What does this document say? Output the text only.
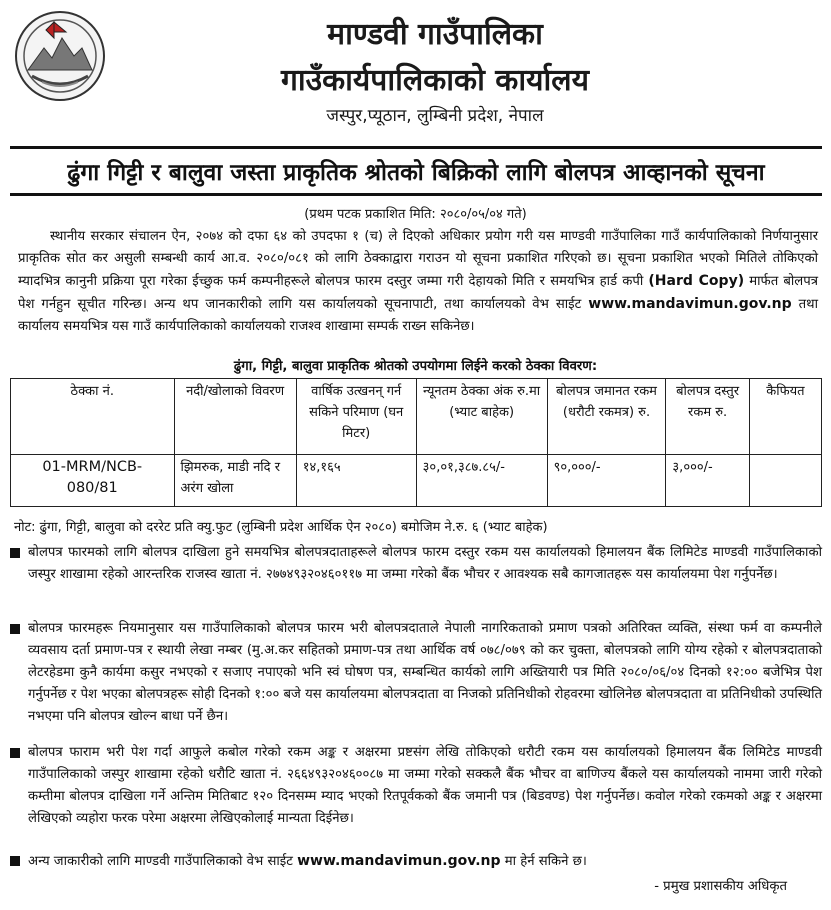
माण्डवी गाउँपालिका
गाउँकार्यपालिकाको कार्यालय
जस्पुर,प्यूठान, लुम्बिनी प्रदेश, नेपाल
ढुंगा गिट्टी र बालुवा जस्ता प्राकृतिक श्रोतको बिक्रिको लागि बोलपत्र आव्हानको सूचना
(प्रथम पटक प्रकाशित मिति: २०८०/०५/०४ गते)
स्थानीय सरकार संचालन ऐन, २०७४ को दफा ६४ को उपदफा १ (च) ले दिएको अधिकार प्रयोग गरी यस माण्डवी गाउँपालिका गाउँ कार्यपालिकाको निर्णयानुसार प्राकृतिक सोत कर असुली सम्बन्धी कार्य आ.व. २०८०/०८१ को लागि ठेक्काद्वारा गराउन यो सूचना प्रकाशित गरिएको छ। सूचना प्रकाशित भएको मितिले तोकिएको म्यादभित्र कानुनी प्रक्रिया पूरा गरेका ईच्छुक फर्म कम्पनीहरूले बोलपत्र फारम दस्तुर जम्मा गरी देहायको मिति र समयभित्र हार्ड कपी (Hard Copy) मार्फत बोलपत्र पेश गर्नहुन सूचीत गरिन्छ। अन्य थप जानकारीको लागि यस कार्यालयको सूचनापाटी, तथा कार्यालयको वेभ साईट www.mandavimun.gov.np तथा कार्यालय समयभित्र यस गाउँ कार्यपालिकाको कार्यालयको राजश्व शाखामा सम्पर्क राख्न सकिनेछ।
ढुंगा, गिट्टी, बालुवा प्राकृतिक श्रोतको उपयोगमा लिईने करको ठेक्का विवरण:
ठेक्का नं.	नदी/खोलाको विवरण	वार्षिक उत्खनन् गर्न सकिने परिमाण (घन मिटर)	न्यूनतम ठेक्का अंक रु.मा (भ्याट बाहेक)	बोलपत्र जमानत रकम (धरौटी रकमत्र) रु.	बोलपत्र दस्तुर रकम रु.	कैफियत
01-MRM/NCB-080/81	झिमरुक, माडी नदि र अरंग खोला	१४,१६५	३०,०१,३८७.८५/-	९०,०००/-	३,०००/-	
नोट: ढुंगा, गिट्टी, बालुवा को दररेट प्रति क्यु.फुट (लुम्बिनी प्रदेश आर्थिक ऐन २०८०) बमोजिम ने.रु. ६ (भ्याट बाहेक)
बोलपत्र फारमको लागि बोलपत्र दाखिला हुने समयभित्र बोलपत्रदाताहरूले बोलपत्र फारम दस्तुर रकम यस कार्यालयको हिमालयन बैंक लिमिटेड माण्डवी गाउँपालिकाको जस्पुर शाखामा रहेको आरन्तरिक राजस्व खाता नं. २७७४९३२०४६०११७ मा जम्मा गरेको बैंक भौचर र आवश्यक सबै कागजातहरू यस कार्यालयमा पेश गर्नुपर्नेछ।
बोलपत्र फारमहरू नियमानुसार यस गाउँपालिकाको बोलपत्र फारम भरी बोलपत्रदाताले नेपाली नागरिकताको प्रमाण पत्रको अतिरिक्त व्यक्ति, संस्था फर्म वा कम्पनीले व्यवसाय दर्ता प्रमाण-पत्र र स्थायी लेखा नम्बर (मु.अ.कर सहितको प्रमाण-पत्र तथा आर्थिक वर्ष ०७८/०७९ को कर चुक्ता, बोलपत्रको लागि योग्य रहेको र बोलपत्रदाताको लेटरहेडमा कुनै कार्यमा कसुर नभएको र सजाए नपाएको भनि स्वं घोषण पत्र, सम्बन्धित कार्यको लागि अख्तियारी पत्र मिति २०८०/०६/०४ दिनको १२:०० बजेभित्र पेश गर्नुपर्नेछ र पेश भएका बोलपत्रहरू सोही दिनको १:०० बजे यस कार्यालयमा बोलपत्रदाता वा निजको प्रतिनिधीको रोहवरमा खोलिनेछ बोलपत्रदाता वा प्रतिनिधीको उपस्थिति नभएमा पनि बोलपत्र खोल्न बाधा पर्ने छैन।
बोलपत्र फाराम भरी पेश गर्दा आफुले कबोल गरेको रकम अङ्क र अक्षरमा प्रष्टसंग लेखि तोकिएको धरौटी रकम यस कार्यालयको हिमालयन बैंक लिमिटेड माण्डवी गाउँपालिकाको जस्पुर शाखामा रहेको धरौटि खाता नं. २६६४९३२०४६००८७ मा जम्मा गरेको सक्कलै बैंक भौचर वा बाणिज्य बैंकले यस कार्यालयको नाममा जारी गरेको कम्तीमा बोलपत्र दाखिला गर्ने अन्तिम मितिबाट १२० दिनसम्म म्याद भएको रितपूर्वकको बैंक जमानी पत्र (बिडवण्ड) पेश गर्नुपर्नेछ। कवोल गरेको रकमको अङ्क र अक्षरमा लेखिएको व्यहोरा फरक परेमा अक्षरमा लेखिएकोलाई मान्यता दिईनेछ।
अन्य जाकारीको लागि माण्डवी गाउँपालिकाको वेभ साईट www.mandavimun.gov.np मा हेर्न सकिने छ।
- प्रमुख प्रशासकीय अधिकृत
